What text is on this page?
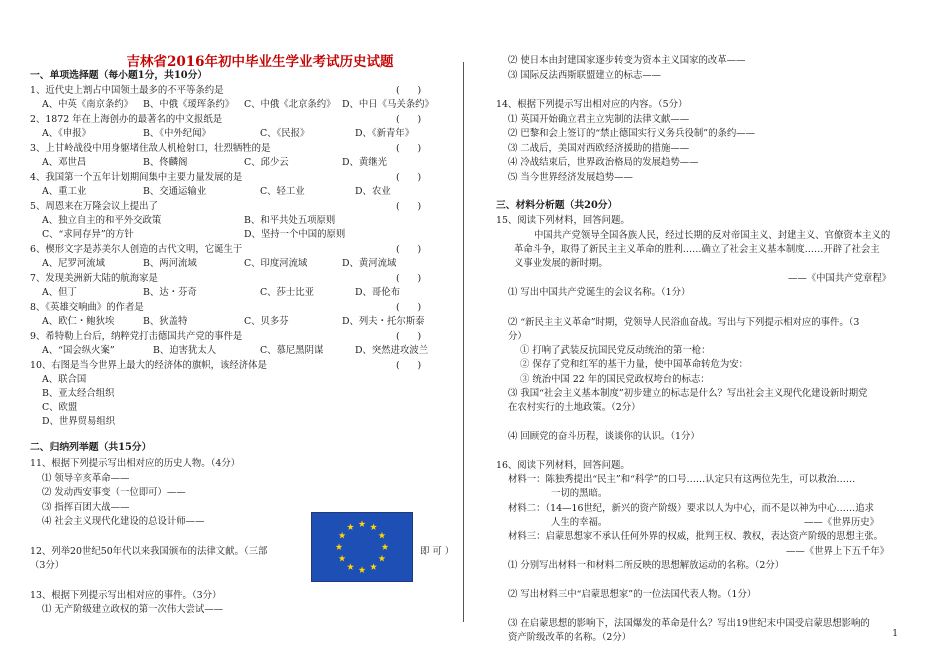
吉林省2016年初中毕业生学业考试历史试题
一、单项选择题（每小题1分，共10分）
1、近代史上割占中国领土最多的不平等条约是	(      )
A、中英《南京条约》 B、中俄《瑷珲条约》 C、中俄《北京条约》 D、中日《马关条约》
2、1872 年在上海创办的最著名的中文报纸是	(      )
A、《申报》	B、《中外纪闻》	C、《民报》	D、《新青年》
3、上甘岭战役中用身躯堵住敌人机枪射口，壮烈牺牲的是	(      )
A、邓世昌	B、佟麟阁	C、邱少云	D、黄继光
4、我国第一个五年计划期间集中主要力量发展的是	(      )
A、重工业	B、交通运输业	C、轻工业	D、农业
5、周恩来在万隆会议上提出了	(      )
A、独立自主的和平外交政策	B、和平共处五项原则
C、“求同存异”的方针	D、坚持一个中国的原则
6、楔形文字是苏美尔人创造的古代文明，它诞生于	(      )
A、尼罗河流域	B、两河流域	C、印度河流域	D、黄河流域
7、发现美洲新大陆的航海家是	(      )
A、但丁	B、达・芬奇	C、莎士比亚	D、哥伦布
8、《英雄交响曲》的作者是	(      )
A、欧仁・鲍狄埃	B、狄盖特	C、贝多芬	D、列夫・托尔斯泰
9、希特勒上台后，纳粹党打击德国共产党的事件是	(      )
A、“国会纵火案”	B、迫害犹太人	C、慕尼黑阴谋	D、突然进攻波兰
10、右图是当今世界上最大的经济体的旗帜，该经济体是	(      )
A、联合国
B、亚太经合组织
C、欧盟
D、世界贸易组织
二、归纳列举题（共15分）
11、根据下列提示写出相对应的历史人物。（4分）
⑴ 领导辛亥革命——
⑵ 发动西安事变（一位即可）——
⑶ 指挥百团大战——
⑷ 社会主义现代化建设的总设计师——
12、列举20世纪50年代以来我国颁布的法律文献。（三部	即 可 ）
（3分）
13、根据下列提示写出相对应的事件。（3分）
⑴ 无产阶级建立政权的第一次伟大尝试——
⑵ 使日本由封建国家逐步转变为资本主义国家的改革——
⑶ 国际反法西斯联盟建立的标志——
14、根据下列提示写出相对应的内容。（5分）
⑴ 英国开始确立君主立宪制的法律文献——
⑵ 巴黎和会上签订的“禁止德国实行义务兵役制”的条约——
⑶ 二战后，美国对西欧经济援助的措施——
⑷ 冷战结束后，世界政治格局的发展趋势——
⑸ 当今世界经济发展趋势——
三、材料分析题（共20分）
15、阅读下列材料，回答问题。
中国共产党领导全国各族人民，经过长期的反对帝国主义、封建主义、官僚资本主义的
革命斗争，取得了新民主主义革命的胜利……确立了社会主义基本制度……开辟了社会主
义事业发展的新时期。
——《中国共产党章程》
⑴ 写出中国共产党诞生的会议名称。（1分）
⑵ “新民主主义革命”时期，党领导人民浴血奋战。写出与下列提示相对应的事件。（3
分）
① 打响了武装反抗国民党反动统治的第一枪：
② 保存了党和红军的基干力量，使中国革命转危为安：
③ 统治中国 22 年的国民党政权垮台的标志：
⑶ 我国“社会主义基本制度”初步建立的标志是什么？写出社会主义现代化建设新时期党
在农村实行的土地政策。（2分）
⑷ 回顾党的奋斗历程，谈谈你的认识。（1分）
16、阅读下列材料，回答问题。
材料一：陈独秀提出“民主”和“科学”的口号……认定只有这两位先生，可以救治……
一切的黑暗。
材料二：（14—16世纪，新兴的资产阶级）要求以人为中心，而不是以神为中心……追求
人生的幸福。	——《世界历史》
材料三：启蒙思想家不承认任何外界的权威，批判王权、教权，表达资产阶级的思想主张。
——《世界上下五千年》
⑴ 分别写出材料一和材料二所反映的思想解放运动的名称。（2分）
⑵ 写出材料三中“启蒙思想家”的一位法国代表人物。（1分）
⑶ 在启蒙思想的影响下，法国爆发的革命是什么？写出19世纪末中国受启蒙思想影响的
资产阶级改革的名称。（2分）	1
